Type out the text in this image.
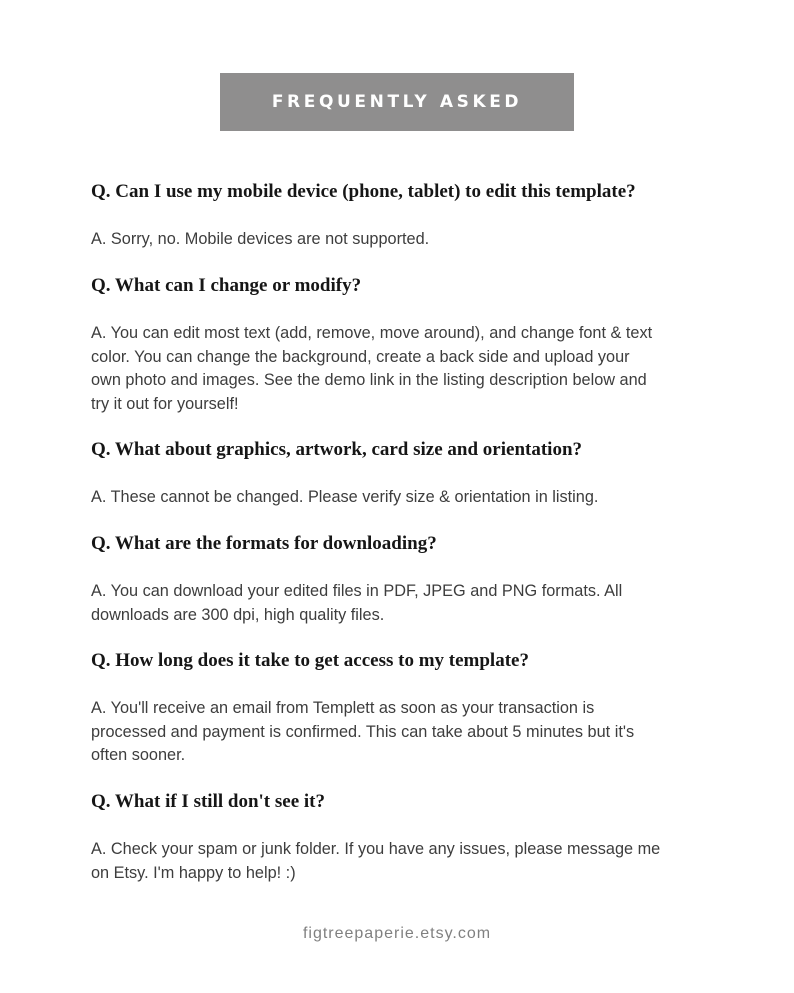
FREQUENTLY ASKED
Q. Can I use my mobile device (phone, tablet) to edit this template?
A. Sorry, no. Mobile devices are not supported.
Q. What can I change or modify?
A. You can edit most text (add, remove, move around), and change font & text
color. You can change the background, create a back side and upload your
own photo and images. See the demo link in the listing description below and
try it out for yourself!
Q. What about graphics, artwork, card size and orientation?
A. These cannot be changed. Please verify size & orientation in listing.
Q. What are the formats for downloading?
A. You can download your edited files in PDF, JPEG and PNG formats. All
downloads are 300 dpi, high quality files.
Q. How long does it take to get access to my template?
A. You'll receive an email from Templett as soon as your transaction is
processed and payment is confirmed. This can take about 5 minutes but it's
often sooner.
Q. What if I still don't see it?
A. Check your spam or junk folder. If you have any issues, please message me
on Etsy. I'm happy to help! :)
figtreepaperie.etsy.com
